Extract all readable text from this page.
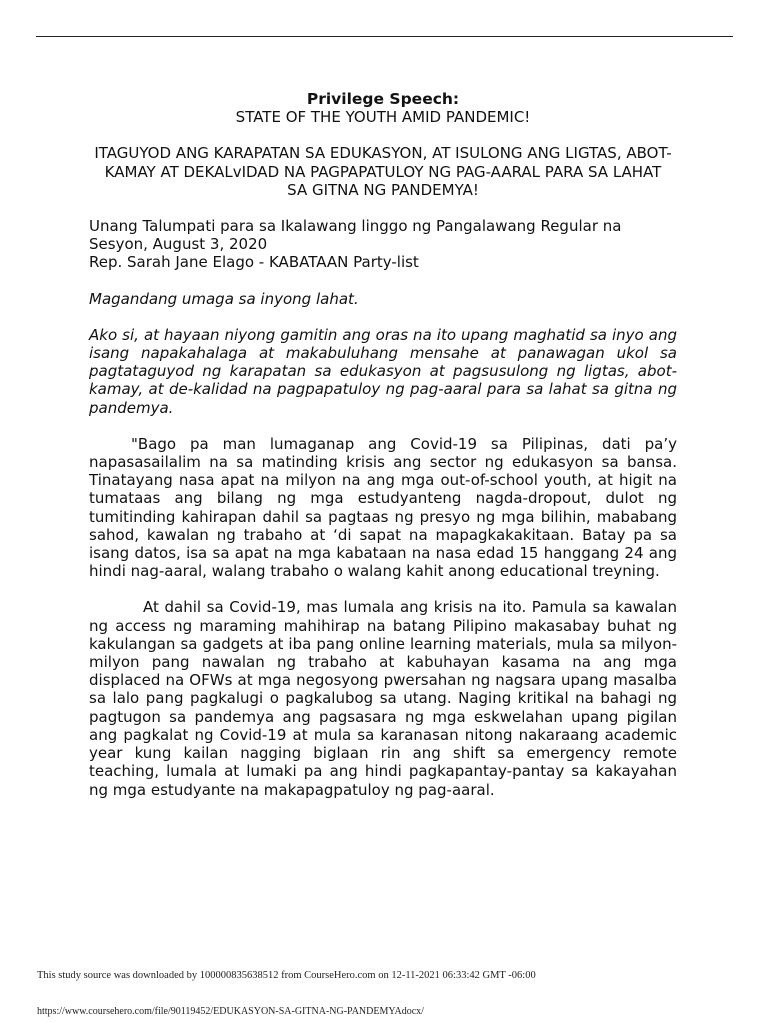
Privilege Speech:
STATE OF THE YOUTH AMID PANDEMIC!
ITAGUYOD ANG KARAPATAN SA EDUKASYON, AT ISULONG ANG LIGTAS, ABOT-KAMAY AT DEKALvIDAD NA PAGPAPATULOY NG PAG-AARAL PARA SA LAHAT SA GITNA NG PANDEMYA!
Unang Talumpati para sa Ikalawang linggo ng Pangalawang Regular na Sesyon, August 3, 2020
Rep. Sarah Jane Elago - KABATAAN Party-list

Magandang umaga sa inyong lahat.

Ako si, at hayaan niyong gamitin ang oras na ito upang maghatid sa inyo ang isang napakahalaga at makabuluhang mensahe at panawagan ukol sa pagtataguyod ng karapatan sa edukasyon at pagsusulong ng ligtas, abot-kamay, at de-kalidad na pagpapatuloy ng pag-aaral para sa lahat sa gitna ng pandemya.

"Bago pa man lumaganap ang Covid-19 sa Pilipinas, dati pa’y napasasailalim na sa matinding krisis ang sector ng edukasyon sa bansa. Tinatayang nasa apat na milyon na ang mga out-of-school youth, at higit na tumataas ang bilang ng mga estudyanteng nagda-dropout, dulot ng tumitinding kahirapan dahil sa pagtaas ng presyo ng mga bilihin, mababang sahod, kawalan ng trabaho at ‘di sapat na mapagkakakitaan. Batay pa sa isang datos, isa sa apat na mga kabataan na nasa edad 15 hanggang 24 ang hindi nag-aaral, walang trabaho o walang kahit anong educational treyning.

At dahil sa Covid-19, mas lumala ang krisis na ito. Pamula sa kawalan ng access ng maraming mahihirap na batang Pilipino makasabay buhat ng kakulangan sa gadgets at iba pang online learning materials, mula sa milyon-milyon pang nawalan ng trabaho at kabuhayan kasama na ang mga displaced na OFWs at mga negosyong pwersahan ng nagsara upang masalba sa lalo pang pagkalugi o pagkalubog sa utang. Naging kritikal na bahagi ng pagtugon sa pandemya ang pagsasara ng mga eskwelahan upang pigilan ang pagkalat ng Covid-19 at mula sa karanasan nitong nakaraang academic year kung kailan nagging biglaan rin ang shift sa emergency remote teaching, lumala at lumaki pa ang hindi pagkapantay-pantay sa kakayahan ng mga estudyante na makapagpatuloy ng pag-aaral.

This study source was downloaded by 100000835638512 from CourseHero.com on 12-11-2021 06:33:42 GMT -06:00
https://www.coursehero.com/file/90119452/EDUKASYON-SA-GITNA-NG-PANDEMYAdocx/
